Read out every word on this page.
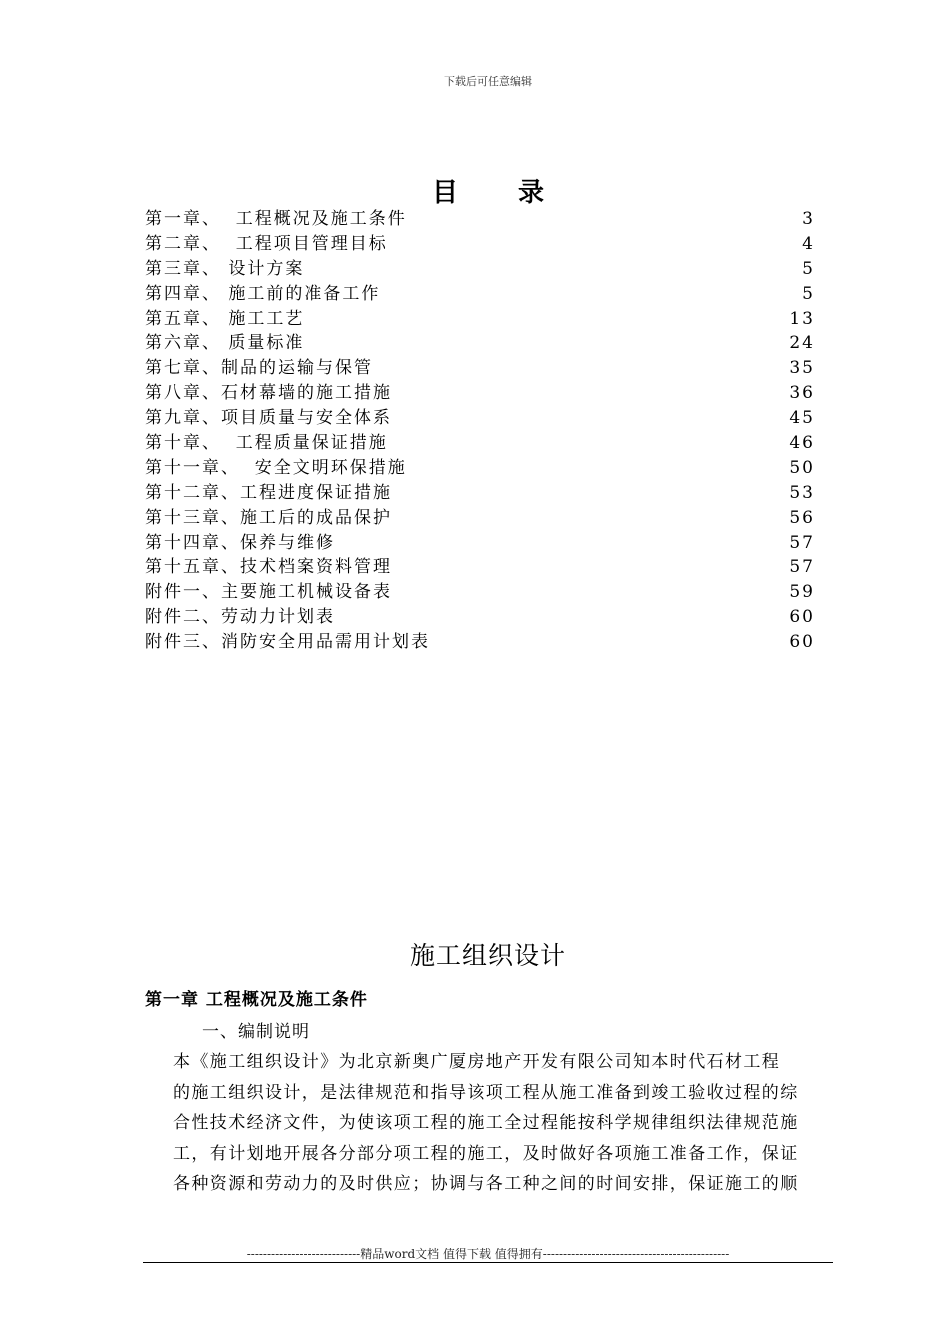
下载后可任意编辑
目录
第一章、  工程概况及施工条件	3
第二章、  工程项目管理目标	4
第三章、 设计方案	5
第四章、 施工前的准备工作	5
第五章、 施工工艺	13
第六章、 质量标准	24
第七章、制品的运输与保管	35
第八章、石材幕墙的施工措施	36
第九章、项目质量与安全体系	45
第十章、  工程质量保证措施	46
第十一章、  安全文明环保措施	50
第十二章、工程进度保证措施	53
第十三章、施工后的成品保护	56
第十四章、保养与维修	57
第十五章、技术档案资料管理	57
附件一、主要施工机械设备表	59
附件二、劳动力计划表	60
附件三、消防安全用品需用计划表	60
施工组织设计
第一章 工程概况及施工条件
一、编制说明
本《施工组织设计》为北京新奥广厦房地产开发有限公司知本时代石材工程
的施工组织设计，是法律规范和指导该项工程从施工准备到竣工验收过程的综
合性技术经济文件，为使该项工程的施工全过程能按科学规律组织法律规范施
工，有计划地开展各分部分项工程的施工，及时做好各项施工准备工作，保证
各种资源和劳动力的及时供应；协调与各工种之间的时间安排，保证施工的顺
----------------------------精品word文档 值得下载 值得拥有----------------------------------------------
